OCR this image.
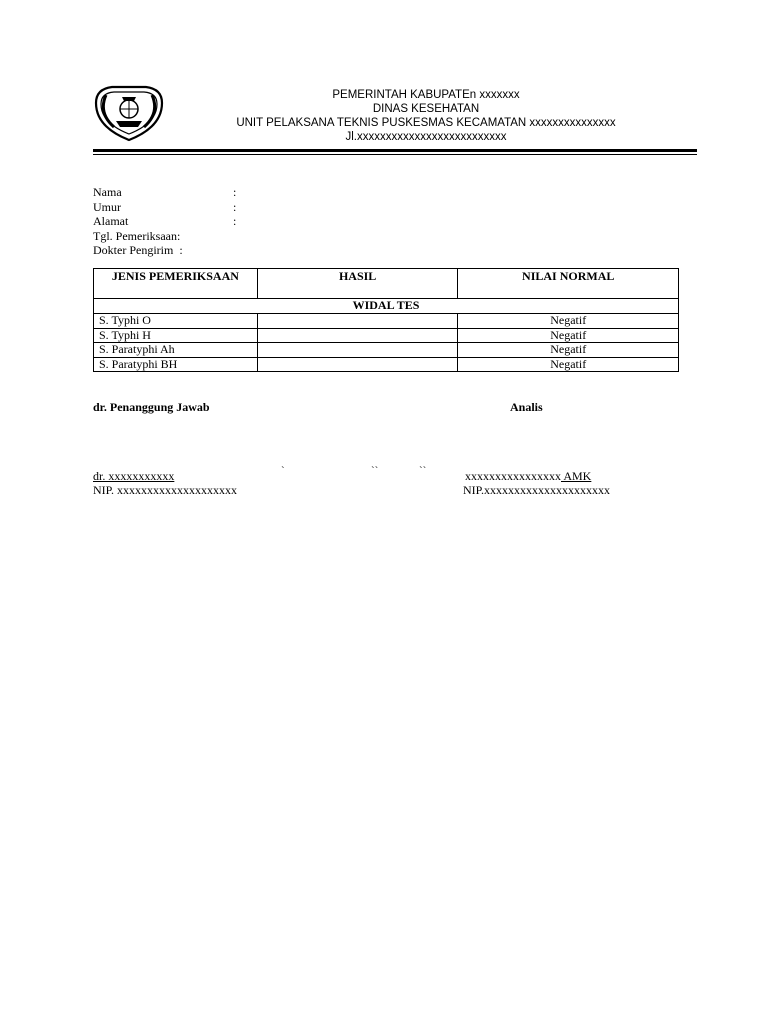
PEMERINTAH KABUPATEn xxxxxxx
DINAS KESEHATAN
UNIT PELAKSANA TEKNIS PUSKESMAS KECAMATAN xxxxxxxxxxxxxxx
Jl.xxxxxxxxxxxxxxxxxxxxxxxxxx
Nama	:
Umur	:
Alamat	:
Tgl. Pemeriksaan:
Dokter Pengirim :
JENIS PEMERIKSAAN	HASIL	NILAI NORMAL
WIDAL TES		
S. Typhi O		Negatif
S. Typhi H		Negatif
S. Paratyphi Ah		Negatif
S. Paratyphi BH		Negatif
dr. Penanggung Jawab	Analis
`	``	``
dr. xxxxxxxxxxx	xxxxxxxxxxxxxxxx AMK
NIP. xxxxxxxxxxxxxxxxxxxx	NIP.xxxxxxxxxxxxxxxxxxxxx
